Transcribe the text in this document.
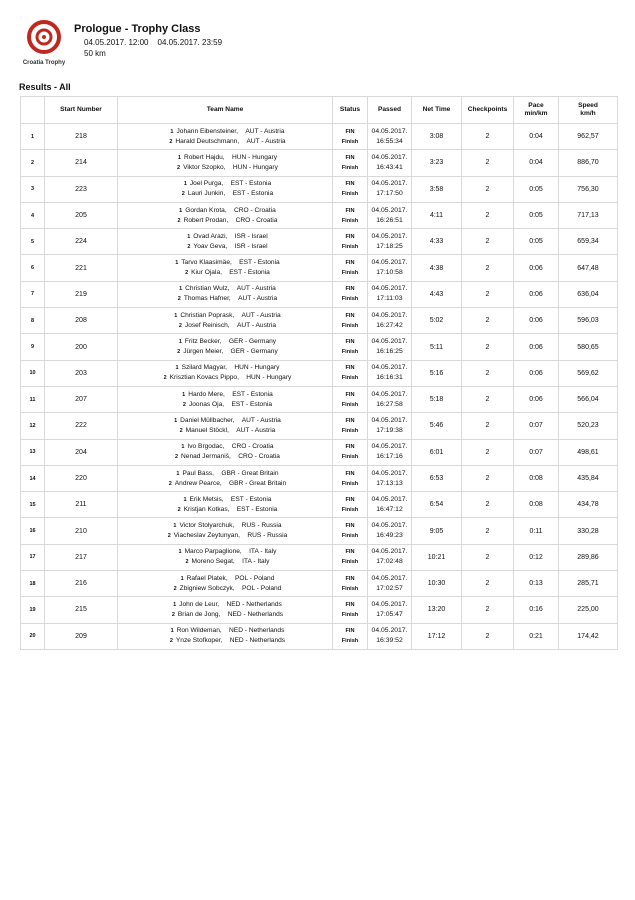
Croatia Trophy
Prologue - Trophy Class
04.05.2017. 12:00 04.05.2017. 23:59
50 km
Results - All
	Start Number	Team Name	Status	Passed	Net Time	Checkpoints	Pace
min/km	Speed
km/h
1	218	1 Johann Eibensteiner, AUT - Austria
2 Harald Deutschmann, AUT - Austria	FIN
Finish	04.05.2017.
16:55:34	3:08	2	0:04	962,57
2	214	1 Robert Hajdu, HUN - Hungary
2 Viktor Szopko, HUN - Hungary	FIN
Finish	04.05.2017.
16:43:41	3:23	2	0:04	886,70
3	223	1 Joel Purga, EST - Estonia
2 Lauri Junkin, EST - Estonia	FIN
Finish	04.05.2017.
17:17:50	3:58	2	0:05	756,30
4	205	1 Gordan Krota, CRO - Croatia
2 Robert Prodan, CRO - Croatia	FIN
Finish	04.05.2017.
16:26:51	4:11	2	0:05	717,13
5	224	1 Ovad Arazi, ISR - Israel
2 Yoav Geva, ISR - Israel	FIN
Finish	04.05.2017.
17:18:25	4:33	2	0:05	659,34
6	221	1 Tarvo Klaasimäe, EST - Estonia
2 Kiur Ojala, EST - Estonia	FIN
Finish	04.05.2017.
17:10:58	4:38	2	0:06	647,48
7	219	1 Christian Wulz, AUT - Austria
2 Thomas Hafner, AUT - Austria	FIN
Finish	04.05.2017.
17:11:03	4:43	2	0:06	636,04
8	208	1 Christian Poprask, AUT - Austria
2 Josef Reinisch, AUT - Austria	FIN
Finish	04.05.2017.
16:27:42	5:02	2	0:06	596,03
9	200	1 Fritz Becker, GER - Germany
2 Jürgen Meier, GER - Germany	FIN
Finish	04.05.2017.
16:16:25	5:11	2	0:06	580,65
10	203	1 Szilard Magyar, HUN - Hungary
2 Krisztian Kovacs Pippo, HUN - Hungary	FIN
Finish	04.05.2017.
16:16:31	5:16	2	0:06	569,62
11	207	1 Hardo Mere, EST - Estonia
2 Joonas Oja, EST - Estonia	FIN
Finish	04.05.2017.
16:27:58	5:18	2	0:06	566,04
12	222	1 Daniel Müllbacher, AUT - Austria
2 Manuel Stöckl, AUT - Austria	FIN
Finish	04.05.2017.
17:19:38	5:46	2	0:07	520,23
13	204	1 Ivo Brgodac, CRO - Croatia
2 Nenad Jermaniš, CRO - Croatia	FIN
Finish	04.05.2017.
16:17:16	6:01	2	0:07	498,61
14	220	1 Paul Bass, GBR - Great Britain
2 Andrew Pearce, GBR - Great Britain	FIN
Finish	04.05.2017.
17:13:13	6:53	2	0:08	435,84
15	211	1 Erik Metsis, EST - Estonia
2 Kristjan Kotkas, EST - Estonia	FIN
Finish	04.05.2017.
16:47:12	6:54	2	0:08	434,78
16	210	1 Victor Stolyarchuk, RUS - Russia
2 Viacheslav Zeytunyan, RUS - Russia	FIN
Finish	04.05.2017.
16:49:23	9:05	2	0:11	330,28
17	217	1 Marco Parpaglione, ITA - Italy
2 Moreno Segat, ITA - Italy	FIN
Finish	04.05.2017.
17:02:48	10:21	2	0:12	289,86
18	216	1 Rafael Platek, POL - Poland
2 Zbigniew Sobczyk, POL - Poland	FIN
Finish	04.05.2017.
17:02:57	10:30	2	0:13	285,71
19	215	1 John de Leur, NED - Netherlands
2 Brian de Jong, NED - Netherlands	FIN
Finish	04.05.2017.
17:05:47	13:20	2	0:16	225,00
20	209	1 Ron Wildeman, NED - Netherlands
2 Ynze Stofkoper, NED - Netherlands	FIN
Finish	04.05.2017.
16:39:52	17:12	2	0:21	174,42
